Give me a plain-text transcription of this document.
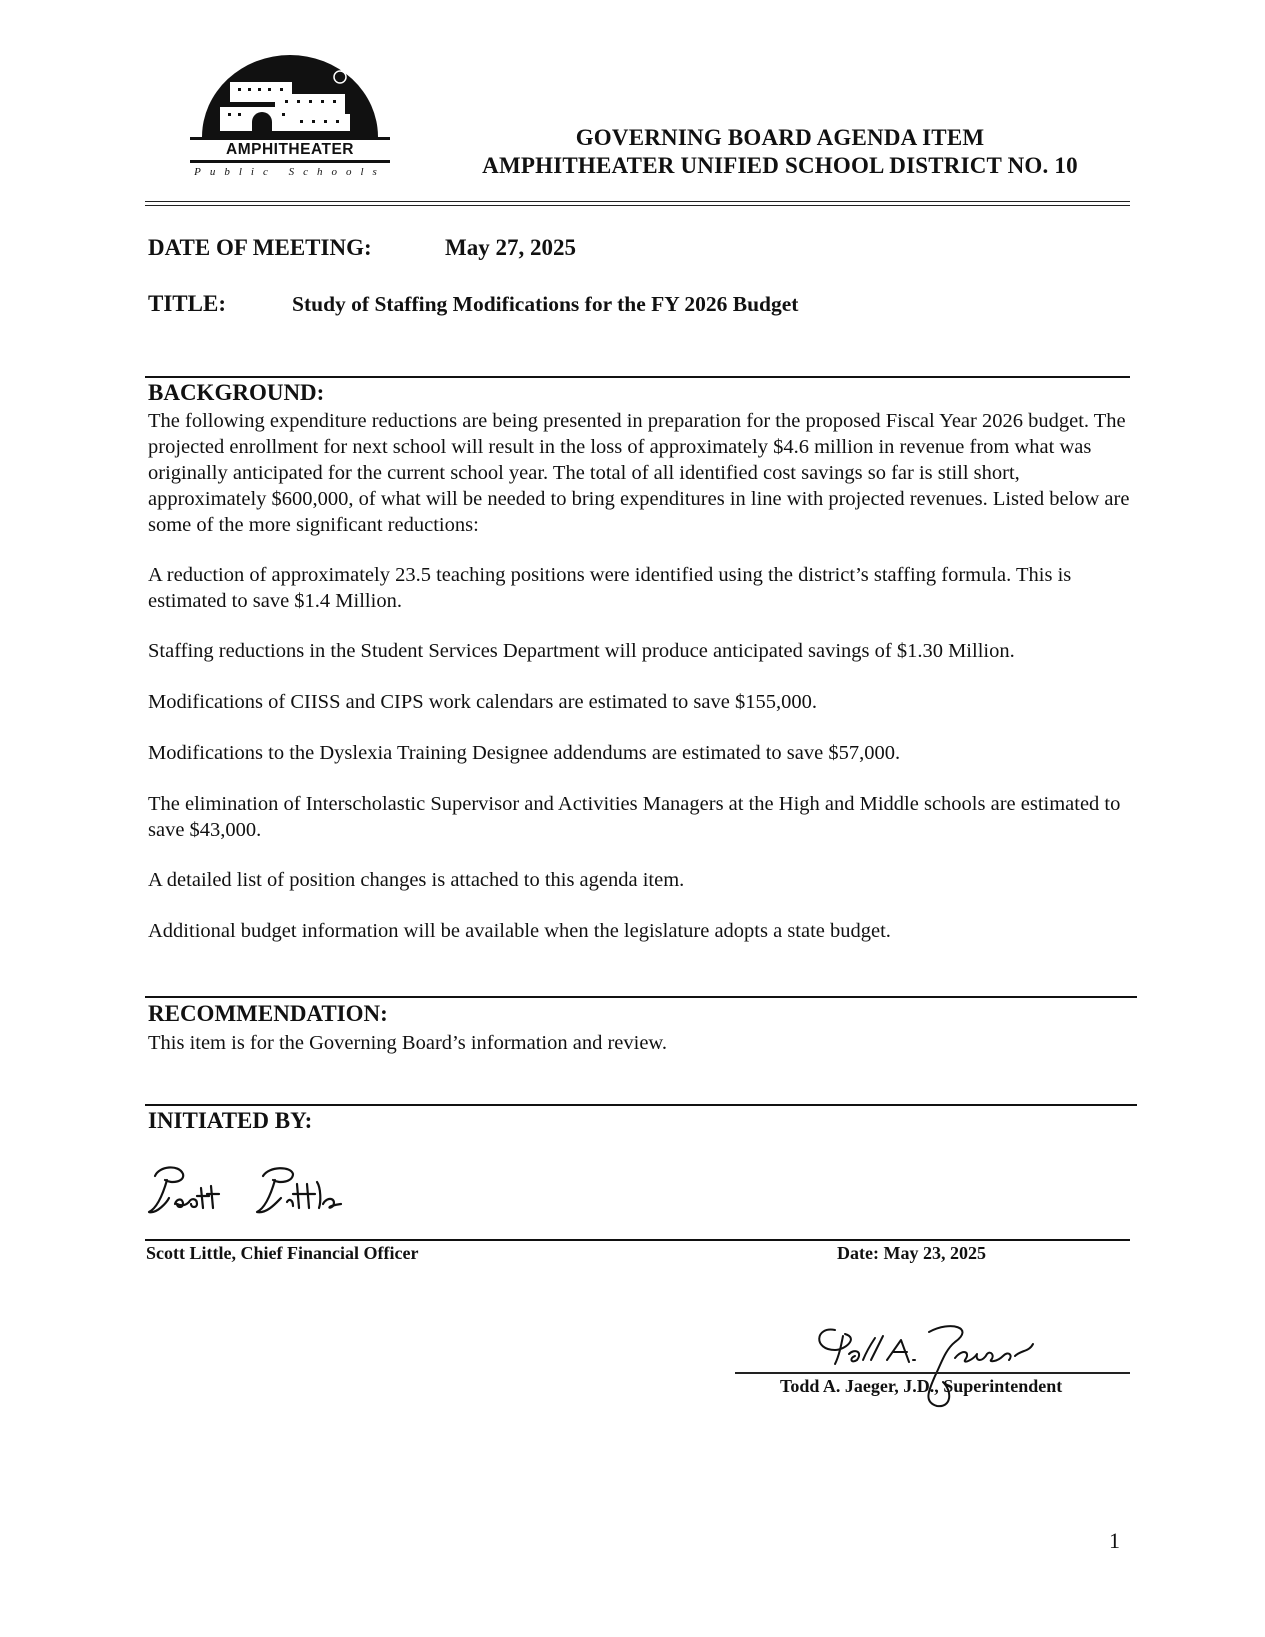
AMPHITHEATER
Public Schools
GOVERNING BOARD AGENDA ITEM
AMPHITHEATER UNIFIED SCHOOL DISTRICT NO. 10
DATE OF MEETING:	May 27, 2025
TITLE:	Study of Staffing Modifications for the FY 2026 Budget
BACKGROUND:
The following expenditure reductions are being presented in preparation for the proposed Fiscal Year 2026 budget. The projected enrollment for next school will result in the loss of approximately $4.6 million in revenue from what was originally anticipated for the current school year. The total of all identified cost savings so far is still short, approximately $600,000, of what will be needed to bring expenditures in line with projected revenues. Listed below are some of the more significant reductions:
A reduction of approximately 23.5 teaching positions were identified using the district’s staffing formula. This is estimated to save $1.4 Million.
Staffing reductions in the Student Services Department will produce anticipated savings of $1.30 Million.
Modifications of CIISS and CIPS work calendars are estimated to save $155,000.
Modifications to the Dyslexia Training Designee addendums are estimated to save $57,000.
The elimination of Interscholastic Supervisor and Activities Managers at the High and Middle schools are estimated to save $43,000.
A detailed list of position changes is attached to this agenda item.
Additional budget information will be available when the legislature adopts a state budget.
RECOMMENDATION:
This item is for the Governing Board’s information and review.
INITIATED BY:
Scott Little, Chief Financial Officer	Date: May 23, 2025
Todd A. Jaeger, J.D., Superintendent
1
